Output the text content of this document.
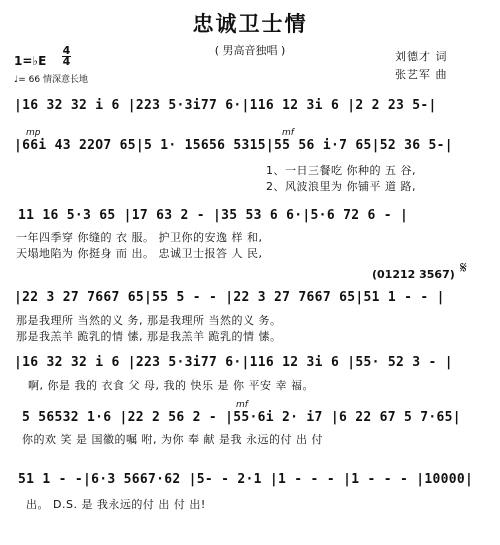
忠诚卫士情
( 男高音独唱 )	刘德才 词
张艺军 曲
1=♭E
4
4
♩= 66 情深意长地
|16 32 32 i 6 |223 5·3i77 6·|116 12 3i 6 |2 2 23 5-|
mp	mf
|66i 43 22O7 65|5 1· 15656 5315|55 56 i·7 65|52 36 5-|
1、一日三餐吃 你种的 五 谷,
2、风波浪里为 你铺平 道 路,
11 16 5·3 65 |17 63 2 - |35 53 6 6·|5·6 72 6 - |
一年四季穿 你缝的 衣 服。 护卫你的安逸 样 和,
天塌地陷为 你挺身 而 出。 忠诚卫士报答 人 民,
(01212 3567) 𝄋
|22 3 27 7667 65|55 5 - - |22 3 27 7667 65|51 1 - - |
那是我理所 当然的义 务, 那是我理所 当然的义 务。
那是我羔羊 跪乳的情 愫, 那是我羔羊 跪乳的情 愫。
|16 32 32 i 6 |223 5·3i77 6·|116 12 3i 6 |55· 52 3 - |
啊, 你是 我的 衣食 父 母, 我的 快乐 是 你 平安 幸 福。
mf
5 56532 1·6 |22 2 56 2 - |55·6i 2· i7 |6 22 67 5 7·65|
你的欢 笑 是 国徽的嘱 咐, 为你 奉 献 是我 永远的付 出 付
51 1 - -|6·3 5667·62 |5- - 2·1 |1 - - - |1 - - - |10000|
出。 D.S. 是 我永远的付 出 付 出!
